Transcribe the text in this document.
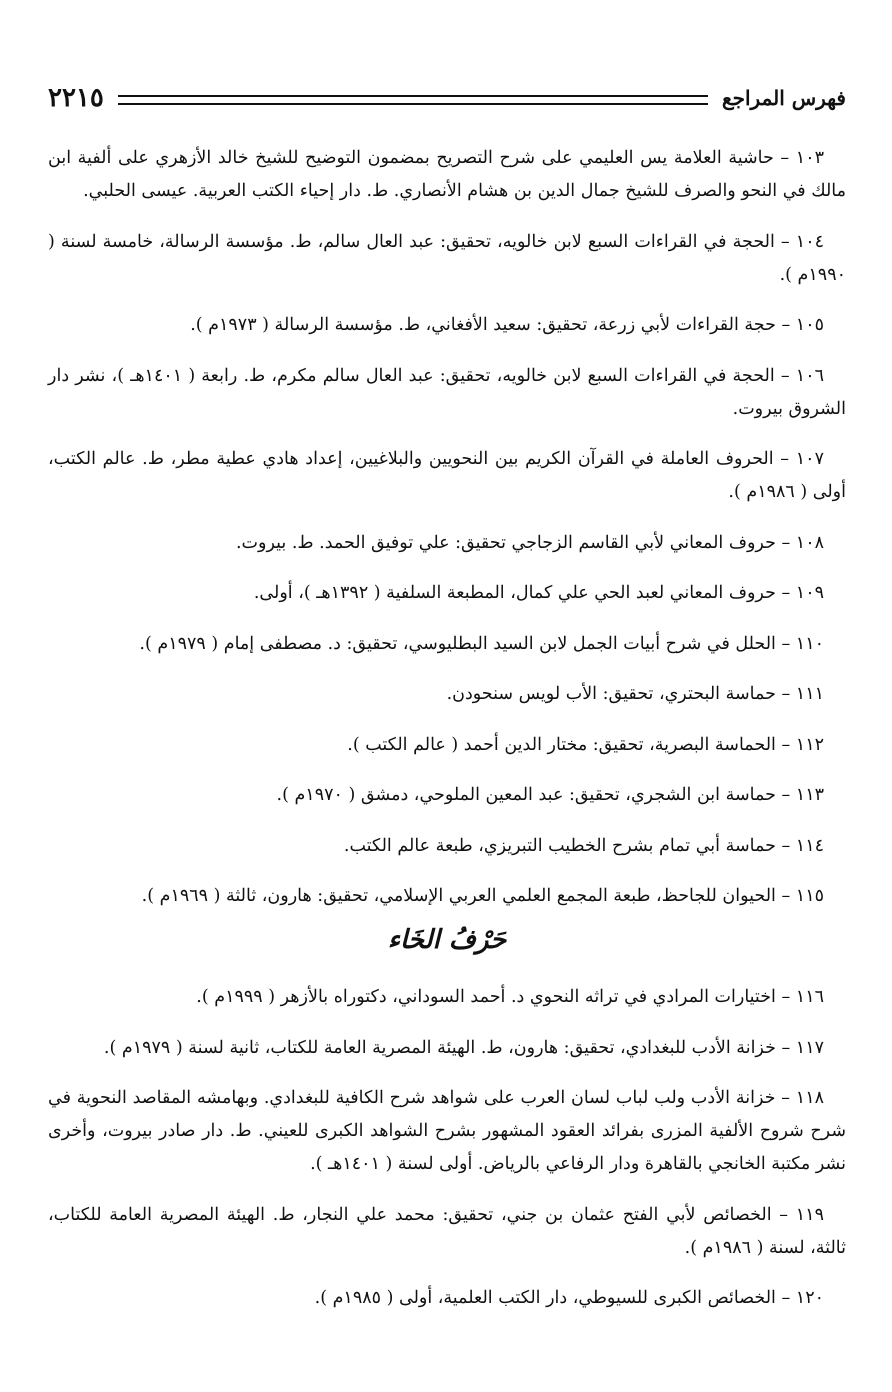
فهرس المراجع
٢٢١٥

١٠٣ – حاشية العلامة يس العليمي على شرح التصريح بمضمون التوضيح للشيخ خالد الأزهري على ألفية ابن مالك في النحو والصرف للشيخ جمال الدين بن هشام الأنصاري. ط. دار إحياء الكتب العربية. عيسى الحلبي.

١٠٤ – الحجة في القراءات السبع لابن خالويه، تحقيق: عبد العال سالم، ط. مؤسسة الرسالة، خامسة لسنة ( ١٩٩٠م ).

١٠٥ – حجة القراءات لأبي زرعة، تحقيق: سعيد الأفغاني، ط. مؤسسة الرسالة ( ١٩٧٣م ).

١٠٦ – الحجة في القراءات السبع لابن خالويه، تحقيق: عبد العال سالم مكرم، ط. رابعة ( ١٤٠١هـ )، نشر دار الشروق بيروت.

١٠٧ – الحروف العاملة في القرآن الكريم بين النحويين والبلاغيين، إعداد هادي عطية مطر، ط. عالم الكتب، أولى ( ١٩٨٦م ).

١٠٨ – حروف المعاني لأبي القاسم الزجاجي تحقيق: علي توفيق الحمد. ط. بيروت.

١٠٩ – حروف المعاني لعبد الحي علي كمال، المطبعة السلفية ( ١٣٩٢هـ )، أولى.

١١٠ – الحلل في شرح أبيات الجمل لابن السيد البطليوسي، تحقيق: د. مصطفى إمام ( ١٩٧٩م ).

١١١ – حماسة البحتري، تحقيق: الأب لويس سنحودن.

١١٢ – الحماسة البصرية، تحقيق: مختار الدين أحمد ( عالم الكتب ).

١١٣ – حماسة ابن الشجري، تحقيق: عبد المعين الملوحي، دمشق ( ١٩٧٠م ).

١١٤ – حماسة أبي تمام بشرح الخطيب التبريزي، طبعة عالم الكتب.

١١٥ – الحيوان للجاحظ، طبعة المجمع العلمي العربي الإسلامي، تحقيق: هارون، ثالثة ( ١٩٦٩م ).

حَرْفُ الخَاء

١١٦ – اختيارات المرادي في تراثه النحوي د. أحمد السوداني، دكتوراه بالأزهر ( ١٩٩٩م ).

١١٧ – خزانة الأدب للبغدادي، تحقيق: هارون، ط. الهيئة المصرية العامة للكتاب، ثانية لسنة ( ١٩٧٩م ).

١١٨ – خزانة الأدب ولب لباب لسان العرب على شواهد شرح الكافية للبغدادي. وبهامشه المقاصد النحوية في شرح شروح الألفية المزرى بفرائد العقود المشهور بشرح الشواهد الكبرى للعيني. ط. دار صادر بيروت، وأخرى نشر مكتبة الخانجي بالقاهرة ودار الرفاعي بالرياض. أولى لسنة ( ١٤٠١هـ ).

١١٩ – الخصائص لأبي الفتح عثمان بن جني، تحقيق: محمد علي النجار، ط. الهيئة المصرية العامة للكتاب، ثالثة، لسنة ( ١٩٨٦م ).

١٢٠ – الخصائص الكبرى للسيوطي، دار الكتب العلمية، أولى ( ١٩٨٥م ).
